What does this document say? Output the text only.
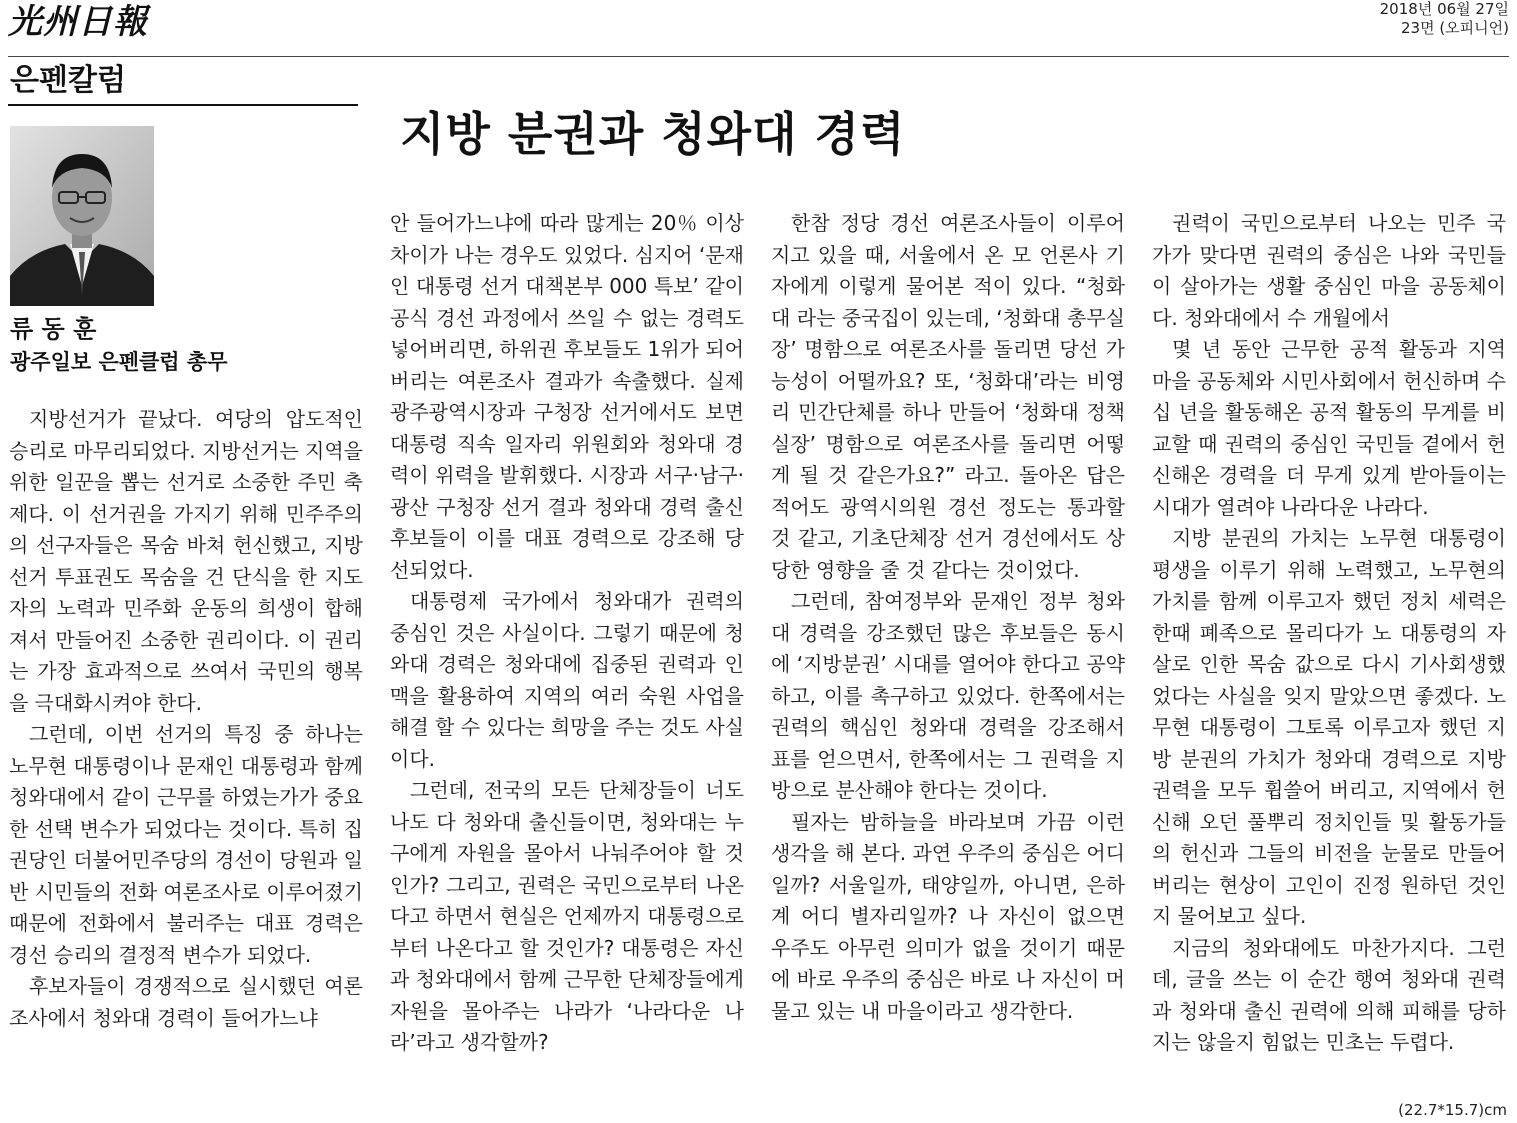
光州日報	2018년 06월 27일
23면 (오피니언)
은펜칼럼
지방 분권과 청와대 경력
류 동 훈
광주일보 은펜클럽 총무

지방선거가 끝났다. 여당의 압도적인 승리로 마무리되었다. 지방선거는 지역을 위한 일꾼을 뽑는 선거로 소중한 주민 축제다. 이 선거권을 가지기 위해 민주주의의 선구자들은 목숨 바쳐 헌신했고, 지방선거 투표권도 목숨을 건 단식을 한 지도자의 노력과 민주화 운동의 희생이 합해져서 만들어진 소중한 권리이다. 이 권리는 가장 효과적으로 쓰여서 국민의 행복을 극대화시켜야 한다.

그런데, 이번 선거의 특징 중 하나는 노무현 대통령이나 문재인 대통령과 함께 청와대에서 같이 근무를 하였는가가 중요한 선택 변수가 되었다는 것이다. 특히 집권당인 더불어민주당의 경선이 당원과 일반 시민들의 전화 여론조사로 이루어졌기 때문에 전화에서 불러주는 대표 경력은 경선 승리의 결정적 변수가 되었다.

후보자들이 경쟁적으로 실시했던 여론조사에서 청와대 경력이 들어가느냐

안 들어가느냐에 따라 많게는 20％ 이상 차이가 나는 경우도 있었다. 심지어 ‘문재인 대통령 선거 대책본부 000 특보’ 같이 공식 경선 과정에서 쓰일 수 없는 경력도 넣어버리면, 하위권 후보들도 1위가 되어 버리는 여론조사 결과가 속출했다. 실제 광주광역시장과 구청장 선거에서도 보면 대통령 직속 일자리 위원회와 청와대 경력이 위력을 발휘했다. 시장과 서구·남구·광산 구청장 선거 결과 청와대 경력 출신 후보들이 이를 대표 경력으로 강조해 당선되었다.

대통령제 국가에서 청와대가 권력의 중심인 것은 사실이다. 그렇기 때문에 청와대 경력은 청와대에 집중된 권력과 인맥을 활용하여 지역의 여러 숙원 사업을 해결 할 수 있다는 희망을 주는 것도 사실이다.

그런데, 전국의 모든 단체장들이 너도나도 다 청와대 출신들이면, 청와대는 누구에게 자원을 몰아서 나눠주어야 할 것인가? 그리고, 권력은 국민으로부터 나온다고 하면서 현실은 언제까지 대통령으로부터 나온다고 할 것인가? 대통령은 자신과 청와대에서 함께 근무한 단체장들에게 자원을 몰아주는 나라가 ‘나라다운 나라’라고 생각할까?

한참 정당 경선 여론조사들이 이루어지고 있을 때, 서울에서 온 모 언론사 기자에게 이렇게 물어본 적이 있다. “청화대 라는 중국집이 있는데, ‘청화대 총무실장’ 명함으로 여론조사를 돌리면 당선 가능성이 어떨까요? 또, ‘청화대’라는 비영리 민간단체를 하나 만들어 ‘청화대 정책실장’ 명함으로 여론조사를 돌리면 어떻게 될 것 같은가요?” 라고. 돌아온 답은 적어도 광역시의원 경선 정도는 통과할 것 같고, 기초단체장 선거 경선에서도 상당한 영향을 줄 것 같다는 것이었다.

그런데, 참여정부와 문재인 정부 청와대 경력을 강조했던 많은 후보들은 동시에 ‘지방분권’ 시대를 열어야 한다고 공약하고, 이를 촉구하고 있었다. 한쪽에서는 권력의 핵심인 청와대 경력을 강조해서 표를 얻으면서, 한쪽에서는 그 권력을 지방으로 분산해야 한다는 것이다.

필자는 밤하늘을 바라보며 가끔 이런 생각을 해 본다. 과연 우주의 중심은 어디일까? 서울일까, 태양일까, 아니면, 은하계 어디 별자리일까? 나 자신이 없으면 우주도 아무런 의미가 없을 것이기 때문에 바로 우주의 중심은 바로 나 자신이 머물고 있는 내 마을이라고 생각한다.

권력이 국민으로부터 나오는 민주 국가가 맞다면 권력의 중심은 나와 국민들이 살아가는 생활 중심인 마을 공동체이다. 청와대에서 수 개월에서

몇 년 동안 근무한 공적 활동과 지역 마을 공동체와 시민사회에서 헌신하며 수십 년을 활동해온 공적 활동의 무게를 비교할 때 권력의 중심인 국민들 곁에서 헌신해온 경력을 더 무게 있게 받아들이는 시대가 열려야 나라다운 나라다.

지방 분권의 가치는 노무현 대통령이 평생을 이루기 위해 노력했고, 노무현의 가치를 함께 이루고자 했던 정치 세력은 한때 폐족으로 몰리다가 노 대통령의 자살로 인한 목숨 값으로 다시 기사회생했었다는 사실을 잊지 말았으면 좋겠다. 노무현 대통령이 그토록 이루고자 했던 지방 분권의 가치가 청와대 경력으로 지방 권력을 모두 휩쓸어 버리고, 지역에서 헌신해 오던 풀뿌리 정치인들 및 활동가들의 헌신과 그들의 비전을 눈물로 만들어 버리는 현상이 고인이 진정 원하던 것인지 물어보고 싶다.

지금의 청와대에도 마찬가지다. 그런데, 글을 쓰는 이 순간 행여 청와대 권력과 청와대 출신 권력에 의해 피해를 당하지는 않을지 힘없는 민초는 두렵다.

(22.7*15.7)cm
